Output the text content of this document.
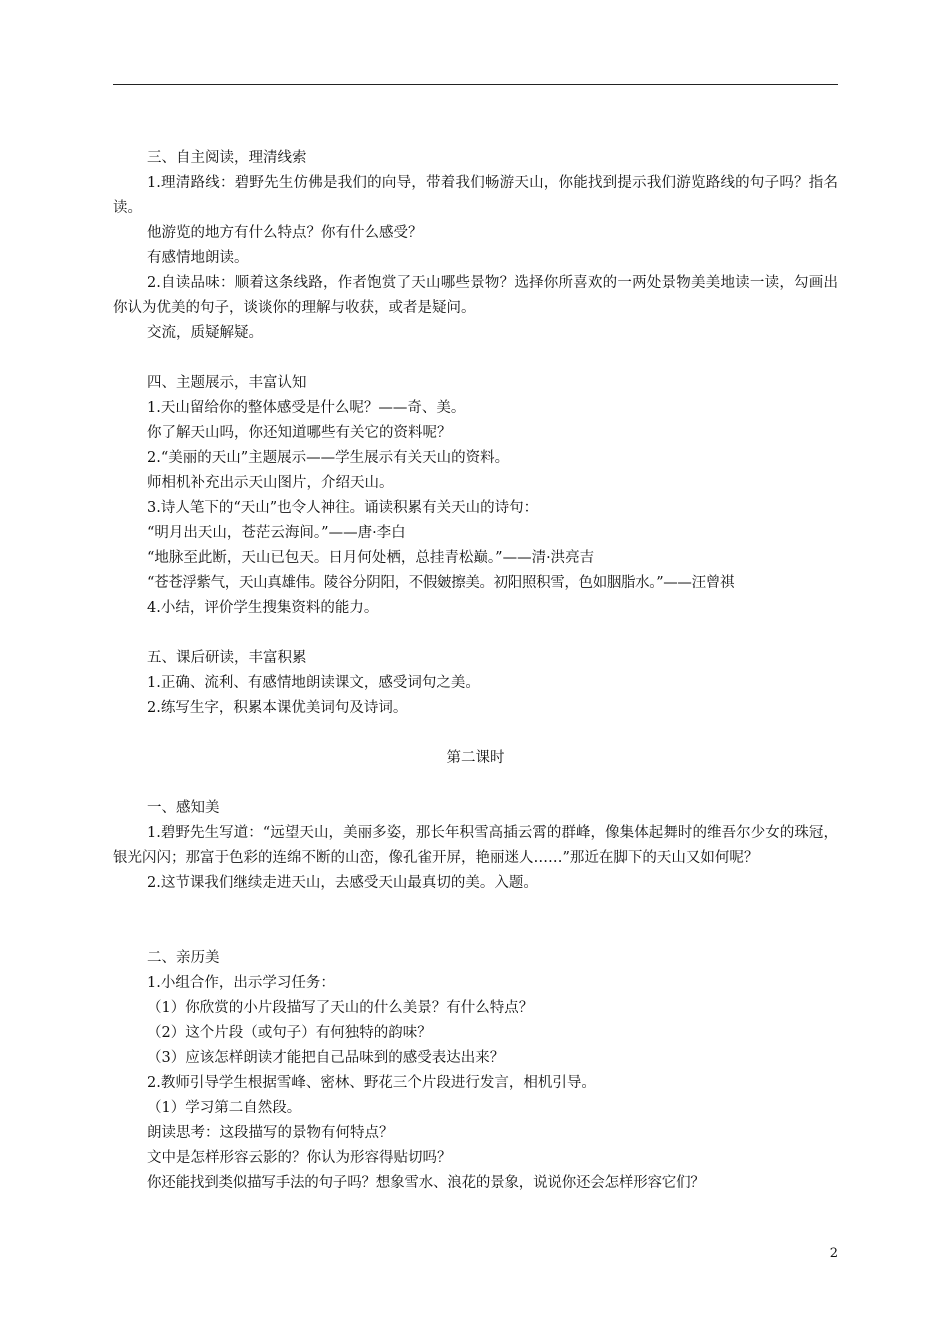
三、自主阅读，理清线索
1.理清路线：碧野先生仿佛是我们的向导，带着我们畅游天山，你能找到提示我们游览路线的句子吗？指名读。
他游览的地方有什么特点？你有什么感受？
有感情地朗读。
2.自读品味：顺着这条线路，作者饱赏了天山哪些景物？选择你所喜欢的一两处景物美美地读一读，勾画出你认为优美的句子，谈谈你的理解与收获，或者是疑问。
交流，质疑解疑。
四、主题展示，丰富认知
1.天山留给你的整体感受是什么呢？——奇、美。
你了解天山吗，你还知道哪些有关它的资料呢？
2.“美丽的天山”主题展示——学生展示有关天山的资料。
师相机补充出示天山图片，介绍天山。
3.诗人笔下的“天山”也令人神往。诵读积累有关天山的诗句：
“明月出天山，苍茫云海间。”——唐·李白
“地脉至此断，天山已包天。日月何处栖，总挂青松巅。”——清·洪亮吉
“苍苍浮紫气，天山真雄伟。陵谷分阴阳，不假皴擦美。初阳照积雪，色如胭脂水。”——汪曾祺
4.小结，评价学生搜集资料的能力。
五、课后研读，丰富积累
1.正确、流利、有感情地朗读课文，感受词句之美。
2.练写生字，积累本课优美词句及诗词。
第二课时
一、感知美
1.碧野先生写道：“远望天山，美丽多姿，那长年积雪高插云霄的群峰，像集体起舞时的维吾尔少女的珠冠，银光闪闪；那富于色彩的连绵不断的山峦，像孔雀开屏，艳丽迷人……”那近在脚下的天山又如何呢？
2.这节课我们继续走进天山，去感受天山最真切的美。入题。
二、亲历美
1.小组合作，出示学习任务：
（1）你欣赏的小片段描写了天山的什么美景？有什么特点？
（2）这个片段（或句子）有何独特的韵味？
（3）应该怎样朗读才能把自己品味到的感受表达出来？
2.教师引导学生根据雪峰、密林、野花三个片段进行发言，相机引导。
（1）学习第二自然段。
朗读思考：这段描写的景物有何特点？
文中是怎样形容云影的？你认为形容得贴切吗？
你还能找到类似描写手法的句子吗？想象雪水、浪花的景象，说说你还会怎样形容它们？
2
